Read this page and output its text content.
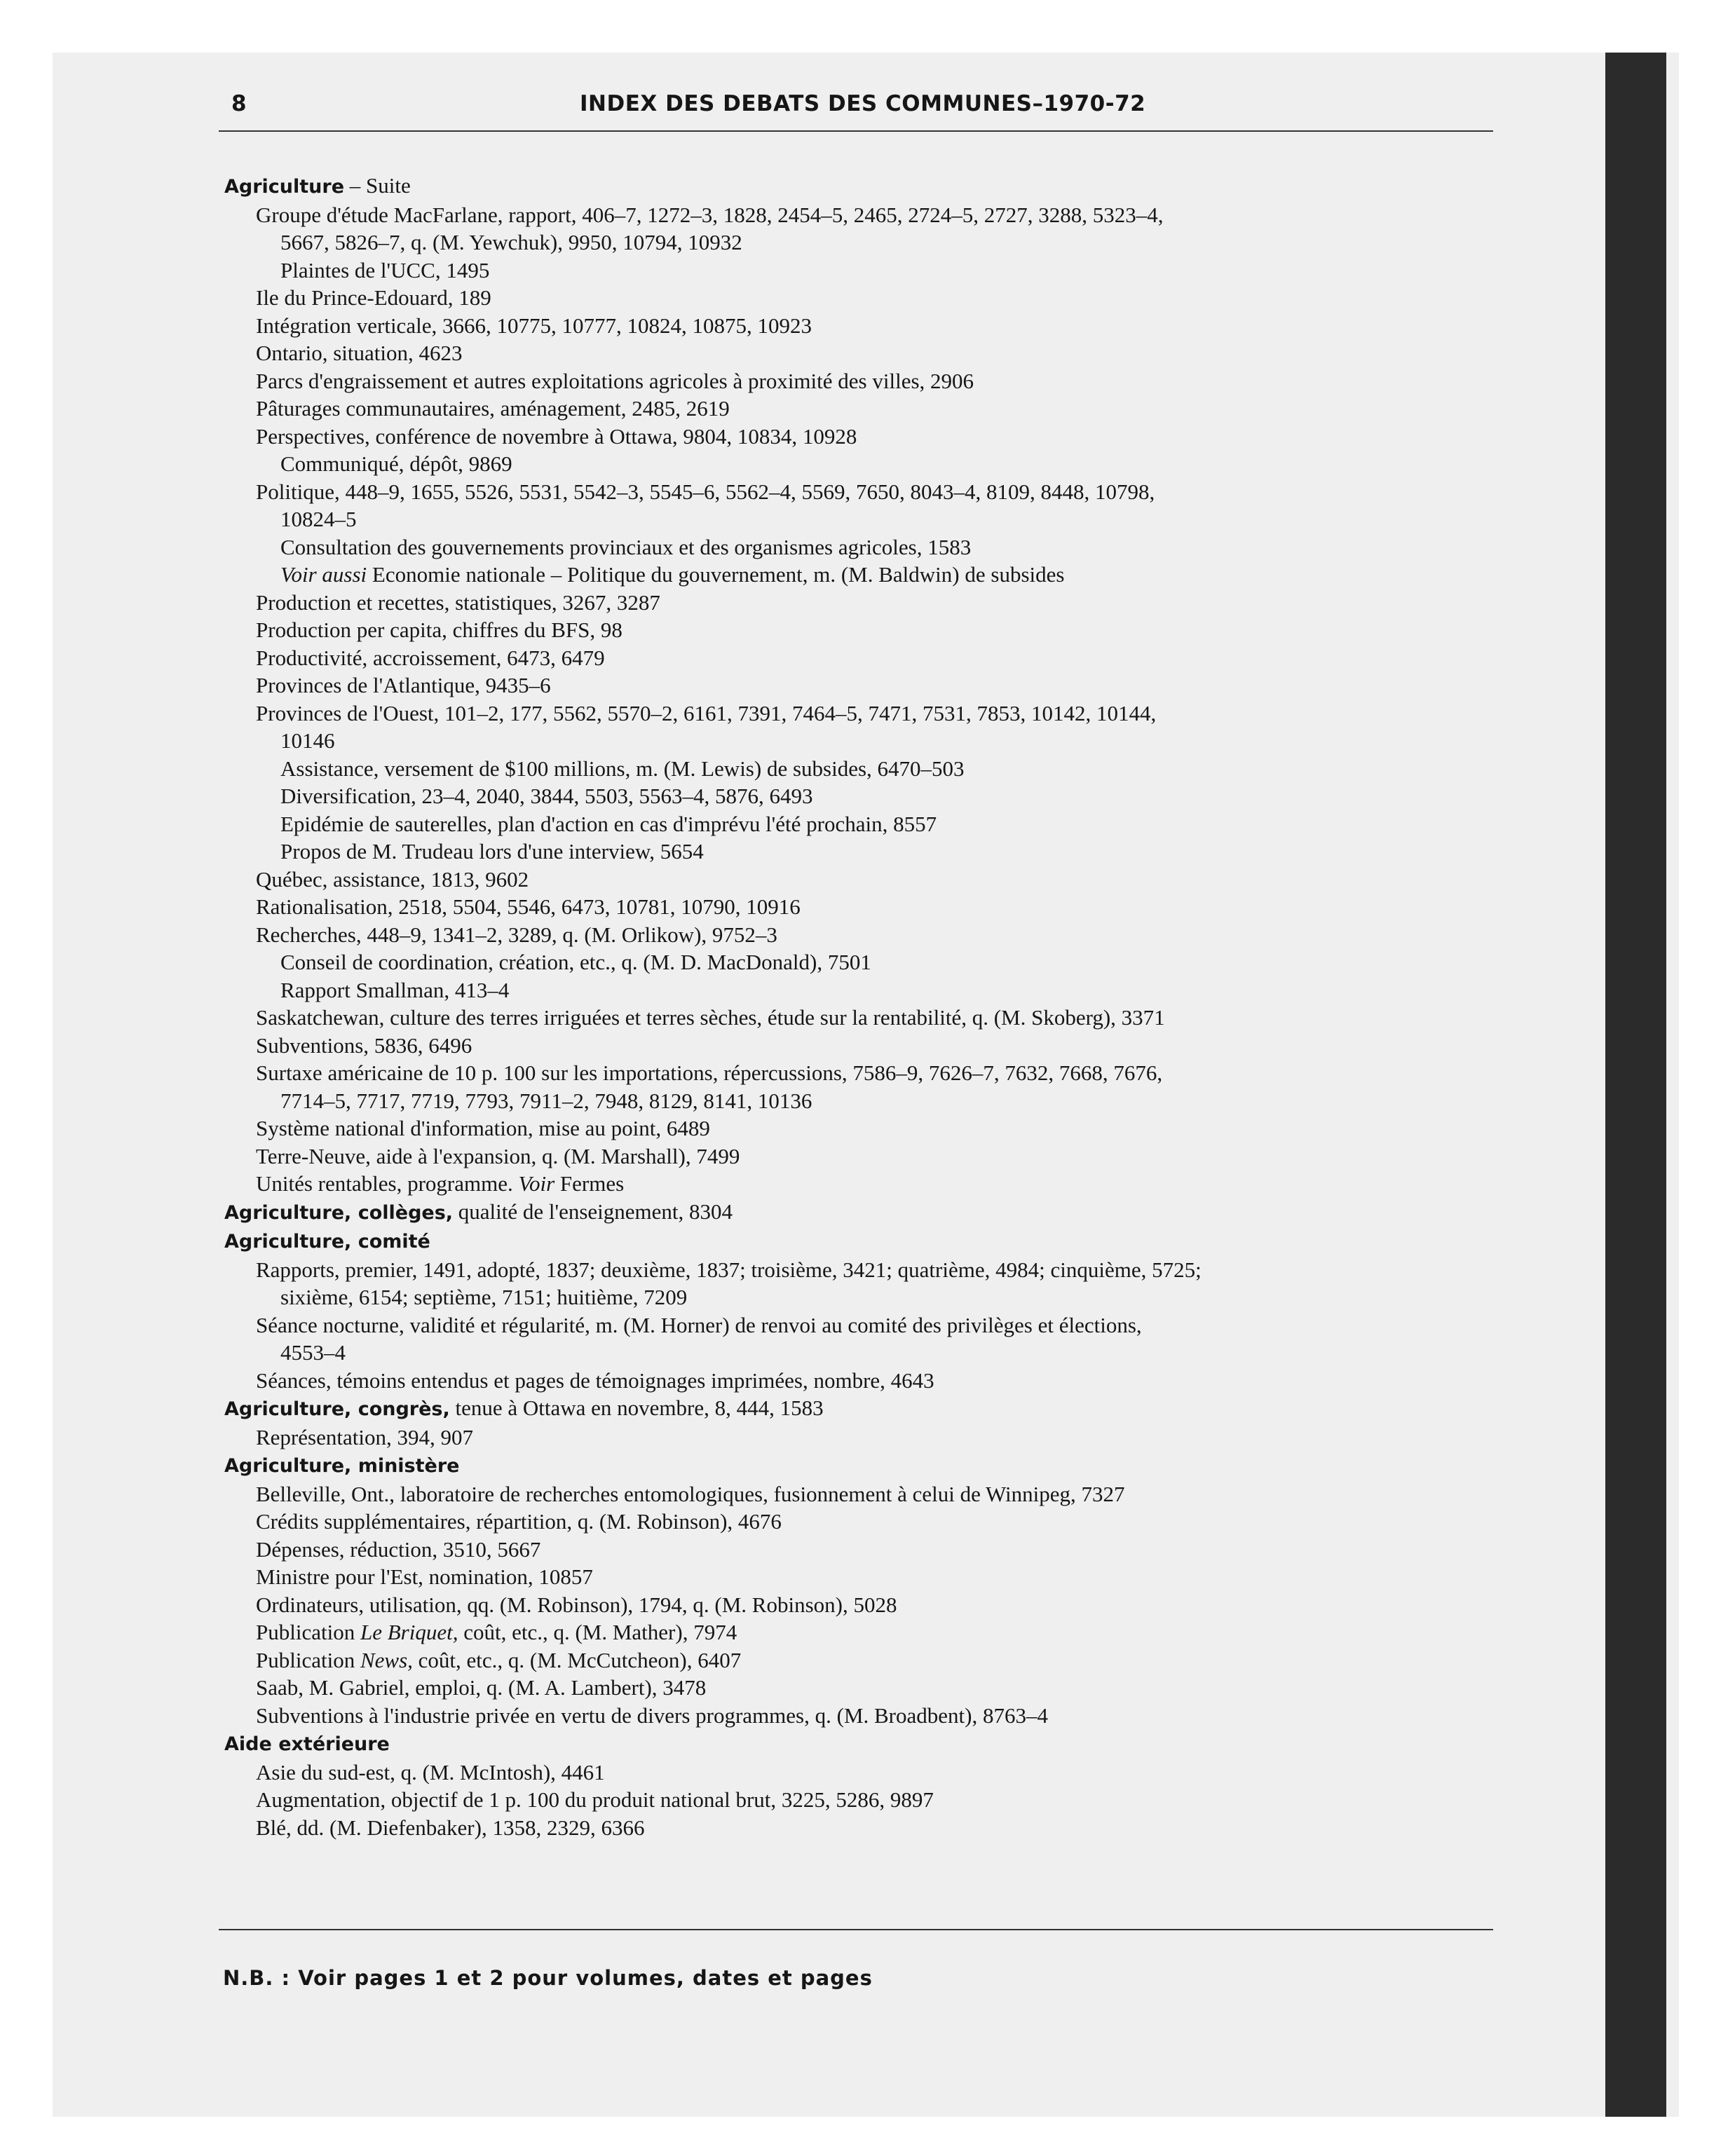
8	INDEX DES DEBATS DES COMMUNES–1970-72
Agriculture – Suite
Groupe d'étude MacFarlane, rapport, 406–7, 1272–3, 1828, 2454–5, 2465, 2724–5, 2727, 3288, 5323–4,
5667, 5826–7, q. (M. Yewchuk), 9950, 10794, 10932
Plaintes de l'UCC, 1495
Ile du Prince-Edouard, 189
Intégration verticale, 3666, 10775, 10777, 10824, 10875, 10923
Ontario, situation, 4623
Parcs d'engraissement et autres exploitations agricoles à proximité des villes, 2906
Pâturages communautaires, aménagement, 2485, 2619
Perspectives, conférence de novembre à Ottawa, 9804, 10834, 10928
Communiqué, dépôt, 9869
Politique, 448–9, 1655, 5526, 5531, 5542–3, 5545–6, 5562–4, 5569, 7650, 8043–4, 8109, 8448, 10798,
10824–5
Consultation des gouvernements provinciaux et des organismes agricoles, 1583
Voir aussi Economie nationale – Politique du gouvernement, m. (M. Baldwin) de subsides
Production et recettes, statistiques, 3267, 3287
Production per capita, chiffres du BFS, 98
Productivité, accroissement, 6473, 6479
Provinces de l'Atlantique, 9435–6
Provinces de l'Ouest, 101–2, 177, 5562, 5570–2, 6161, 7391, 7464–5, 7471, 7531, 7853, 10142, 10144,
10146
Assistance, versement de $100 millions, m. (M. Lewis) de subsides, 6470–503
Diversification, 23–4, 2040, 3844, 5503, 5563–4, 5876, 6493
Epidémie de sauterelles, plan d'action en cas d'imprévu l'été prochain, 8557
Propos de M. Trudeau lors d'une interview, 5654
Québec, assistance, 1813, 9602
Rationalisation, 2518, 5504, 5546, 6473, 10781, 10790, 10916
Recherches, 448–9, 1341–2, 3289, q. (M. Orlikow), 9752–3
Conseil de coordination, création, etc., q. (M. D. MacDonald), 7501
Rapport Smallman, 413–4
Saskatchewan, culture des terres irriguées et terres sèches, étude sur la rentabilité, q. (M. Skoberg), 3371
Subventions, 5836, 6496
Surtaxe américaine de 10 p. 100 sur les importations, répercussions, 7586–9, 7626–7, 7632, 7668, 7676,
7714–5, 7717, 7719, 7793, 7911–2, 7948, 8129, 8141, 10136
Système national d'information, mise au point, 6489
Terre-Neuve, aide à l'expansion, q. (M. Marshall), 7499
Unités rentables, programme. Voir Fermes
Agriculture, collèges, qualité de l'enseignement, 8304
Agriculture, comité
Rapports, premier, 1491, adopté, 1837; deuxième, 1837; troisième, 3421; quatrième, 4984; cinquième, 5725;
sixième, 6154; septième, 7151; huitième, 7209
Séance nocturne, validité et régularité, m. (M. Horner) de renvoi au comité des privilèges et élections,
4553–4
Séances, témoins entendus et pages de témoignages imprimées, nombre, 4643
Agriculture, congrès, tenue à Ottawa en novembre, 8, 444, 1583
Représentation, 394, 907
Agriculture, ministère
Belleville, Ont., laboratoire de recherches entomologiques, fusionnement à celui de Winnipeg, 7327
Crédits supplémentaires, répartition, q. (M. Robinson), 4676
Dépenses, réduction, 3510, 5667
Ministre pour l'Est, nomination, 10857
Ordinateurs, utilisation, qq. (M. Robinson), 1794, q. (M. Robinson), 5028
Publication Le Briquet, coût, etc., q. (M. Mather), 7974
Publication News, coût, etc., q. (M. McCutcheon), 6407
Saab, M. Gabriel, emploi, q. (M. A. Lambert), 3478
Subventions à l'industrie privée en vertu de divers programmes, q. (M. Broadbent), 8763–4
Aide extérieure
Asie du sud-est, q. (M. McIntosh), 4461
Augmentation, objectif de 1 p. 100 du produit national brut, 3225, 5286, 9897
Blé, dd. (M. Diefenbaker), 1358, 2329, 6366
N.B. : Voir pages 1 et 2 pour volumes, dates et pages
